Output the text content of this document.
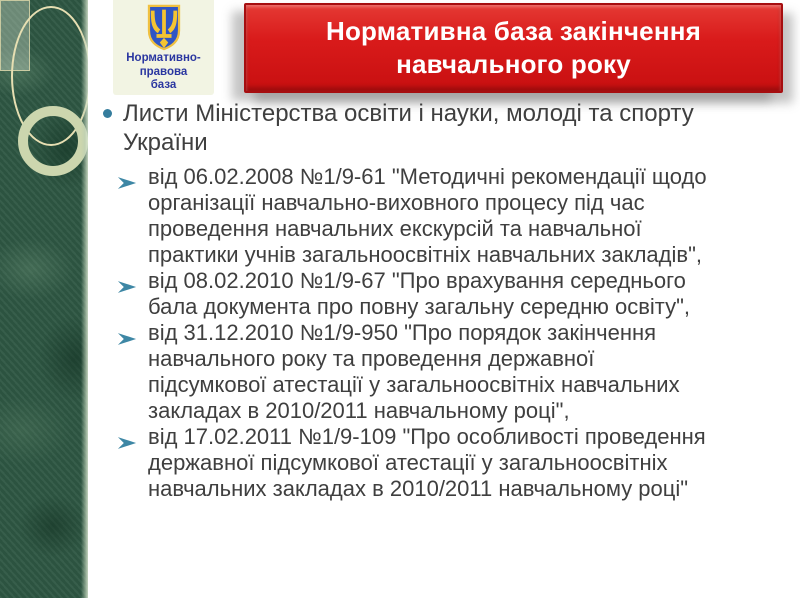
Нормативно-
правова
база
Нормативна база закінчення
навчального року
Листи Міністерства освіти і науки, молоді та спорту України
від 06.02.2008 №1/9-61 "Методичні рекомендації щодо організації навчально-виховного процесу під час проведення навчальних екскурсій та навчальної практики учнів загальноосвітніх навчальних закладів",
від 08.02.2010 №1/9-67 "Про врахування середнього бала документа про повну загальну середню освіту",
від 31.12.2010 №1/9-950 "Про порядок закінчення навчального року та проведення державної підсумкової атестації у загальноосвітніх навчальних закладах в 2010/2011 навчальному році",
від 17.02.2011 №1/9-109 "Про особливості проведення державної підсумкової атестації у загальноосвітніх навчальних закладах в 2010/2011 навчальному році"
